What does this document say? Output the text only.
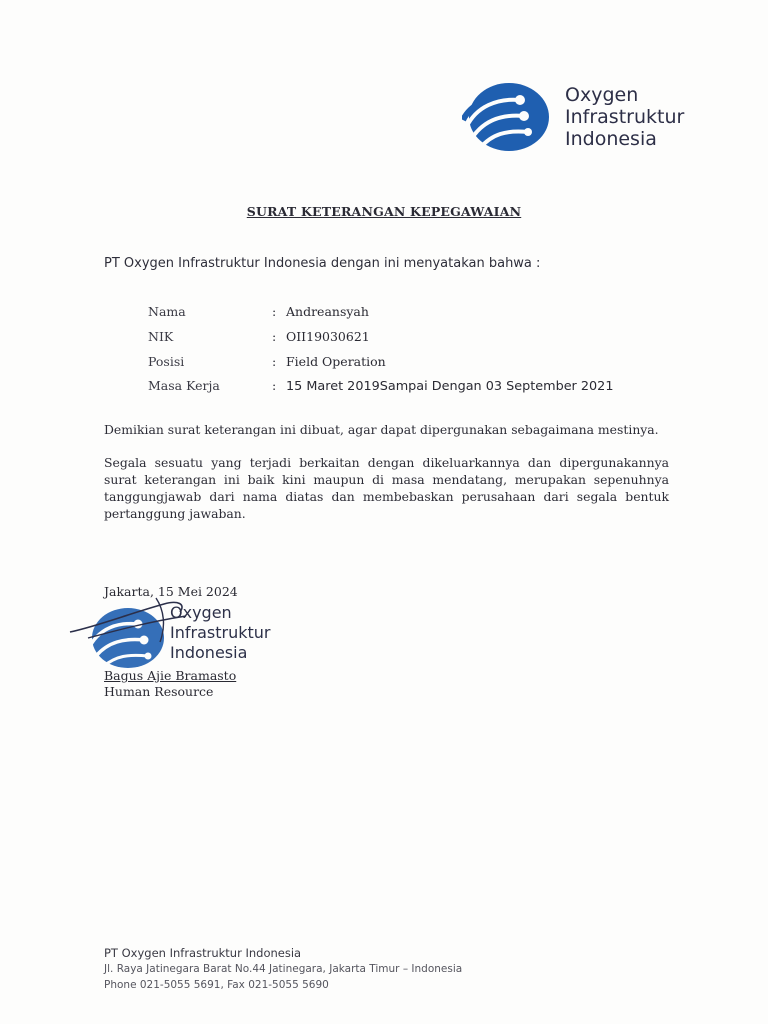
Oxygen
Infrastruktur
Indonesia
SURAT KETERANGAN KEPEGAWAIAN
PT Oxygen Infrastruktur Indonesia dengan ini menyatakan bahwa :
Nama	: Andreansyah
NIK	: OII19030621
Posisi	: Field Operation
Masa Kerja	: 15 Maret 2019Sampai Dengan 03 September 2021
Demikian surat keterangan ini dibuat, agar dapat dipergunakan sebagaimana mestinya.
Segala sesuatu yang terjadi berkaitan dengan dikeluarkannya dan dipergunakannya surat keterangan ini baik kini maupun di masa mendatang, merupakan sepenuhnya tanggungjawab dari nama diatas dan membebaskan perusahaan dari segala bentuk pertanggung jawaban.
Jakarta, 15 Mei 2024
Oxygen
Infrastruktur
Indonesia
Bagus Ajie Bramasto
Human Resource
PT Oxygen Infrastruktur Indonesia
Jl. Raya Jatinegara Barat No.44 Jatinegara, Jakarta Timur – Indonesia
Phone 021-5055 5691, Fax 021-5055 5690
